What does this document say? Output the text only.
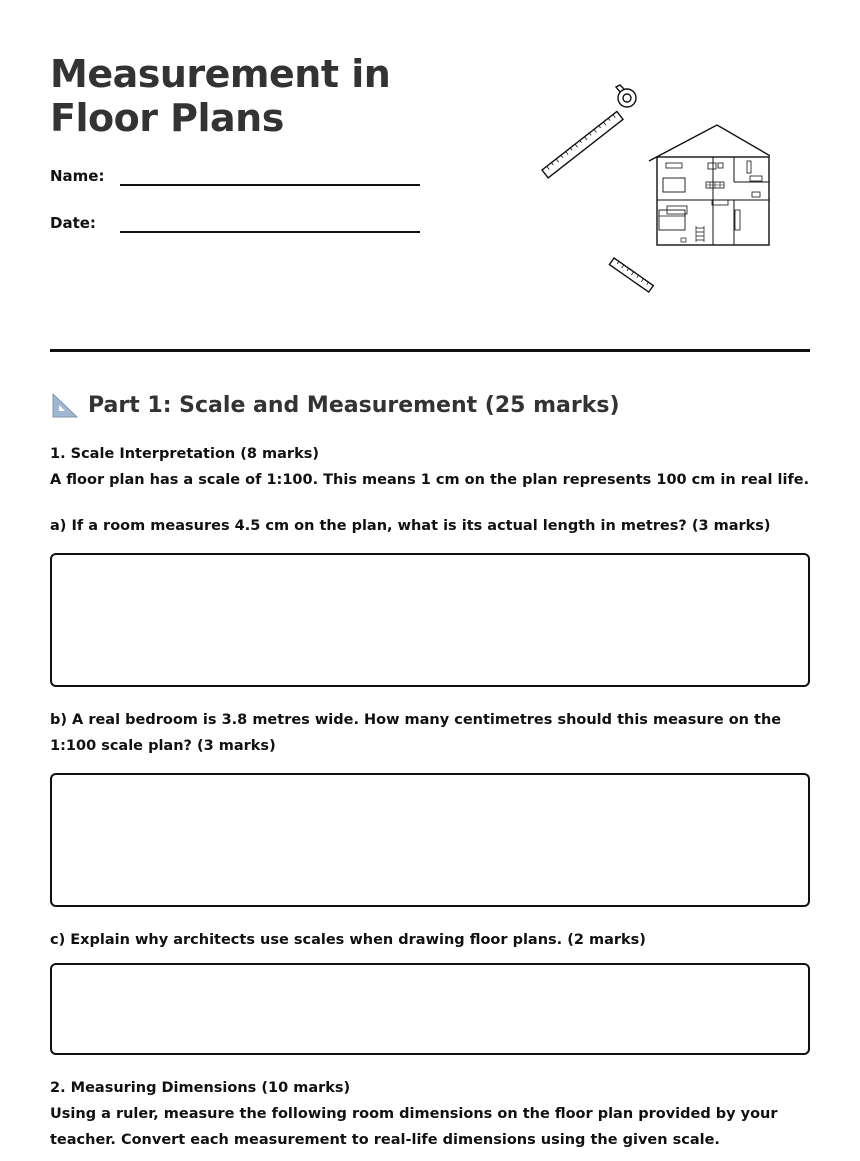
Measurement in Floor Plans
Name:
Date:
Part 1: Scale and Measurement (25 marks)
1. Scale Interpretation (8 marks)
A floor plan has a scale of 1:100. This means 1 cm on the plan represents 100 cm in real life.
a) If a room measures 4.5 cm on the plan, what is its actual length in metres? (3 marks)
b) A real bedroom is 3.8 metres wide. How many centimetres should this measure on the 1:100 scale plan? (3 marks)
c) Explain why architects use scales when drawing floor plans. (2 marks)
2. Measuring Dimensions (10 marks)
Using a ruler, measure the following room dimensions on the floor plan provided by your teacher. Convert each measurement to real-life dimensions using the given scale.
